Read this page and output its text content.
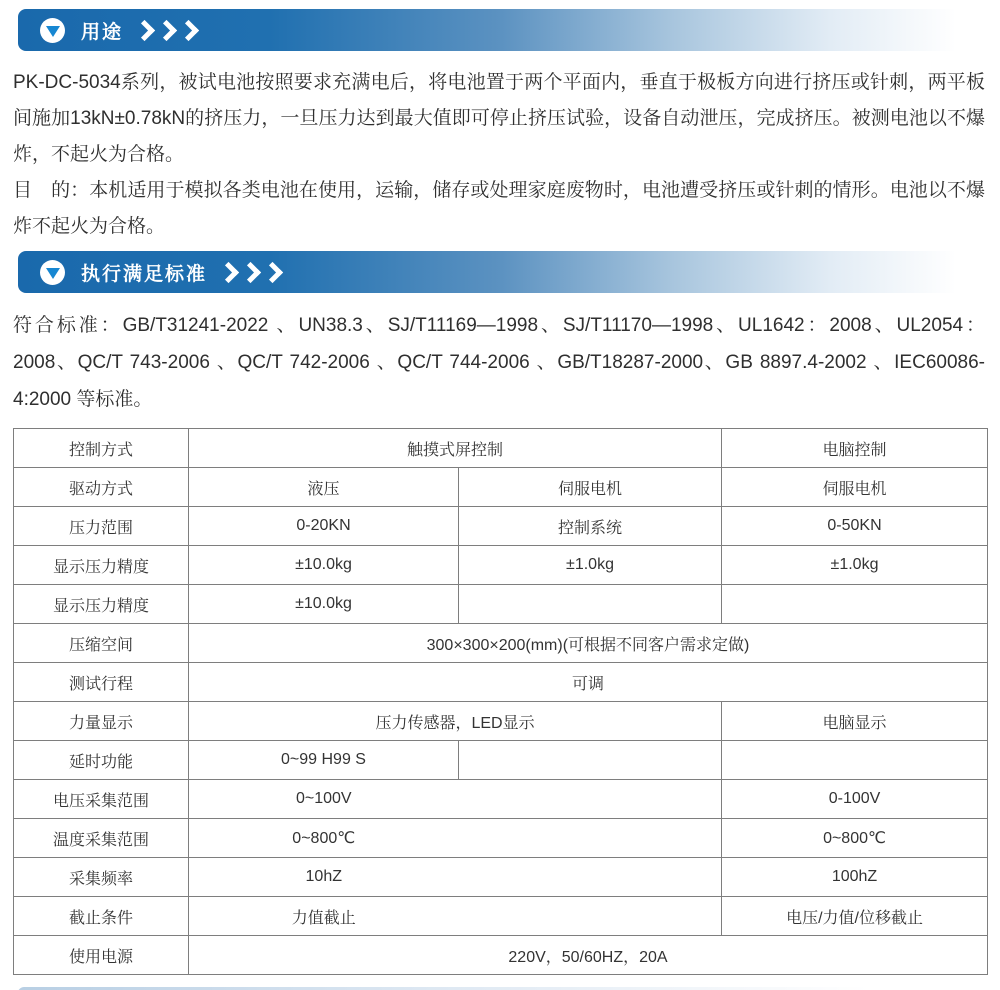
用途

PK-DC-5034系列，被试电池按照要求充满电后，将电池置于两个平面内，垂直于极板方向进行挤压或针刺，两平板间施加13kN±0.78kN的挤压力，一旦压力达到最大值即可停止挤压试验，设备自动泄压，完成挤压。被测电池以不爆炸，不起火为合格。

目　的：本机适用于模拟各类电池在使用，运输，储存或处理家庭废物时，电池遭受挤压或针刺的情形。电池以不爆炸不起火为合格。

执行满足标准

符合标准：GB/T31241-2022 、UN38.3、SJ/T11169—1998、SJ/T11170—1998、UL1642：2008、UL2054：2008、QC/T 743-2006 、QC/T 742-2006 、QC/T 744-2006 、GB/T18287-2000、GB 8897.4-2002 、IEC60086-4:2000 等标准。

控制方式	触摸式屏控制		电脑控制
驱动方式	液压	伺服电机	伺服电机
压力范围	0-20KN	控制系统	0-50KN
显示压力精度	±10.0kg	±1.0kg	±1.0kg
显示压力精度	±10.0kg		
压缩空间	300×300×200(mm)(可根据不同客户需求定做)		
测试行程	可调		
力量显示	压力传感器，LED显示		电脑显示
延时功能	0~99 H99 S		
电压采集范围	0~100V		0-100V
温度采集范围	0~800℃		0~800℃
采集频率	10hZ		100hZ
截止条件	力值截止		电压/力值/位移截止
使用电源	220V，50/60HZ，20A		
